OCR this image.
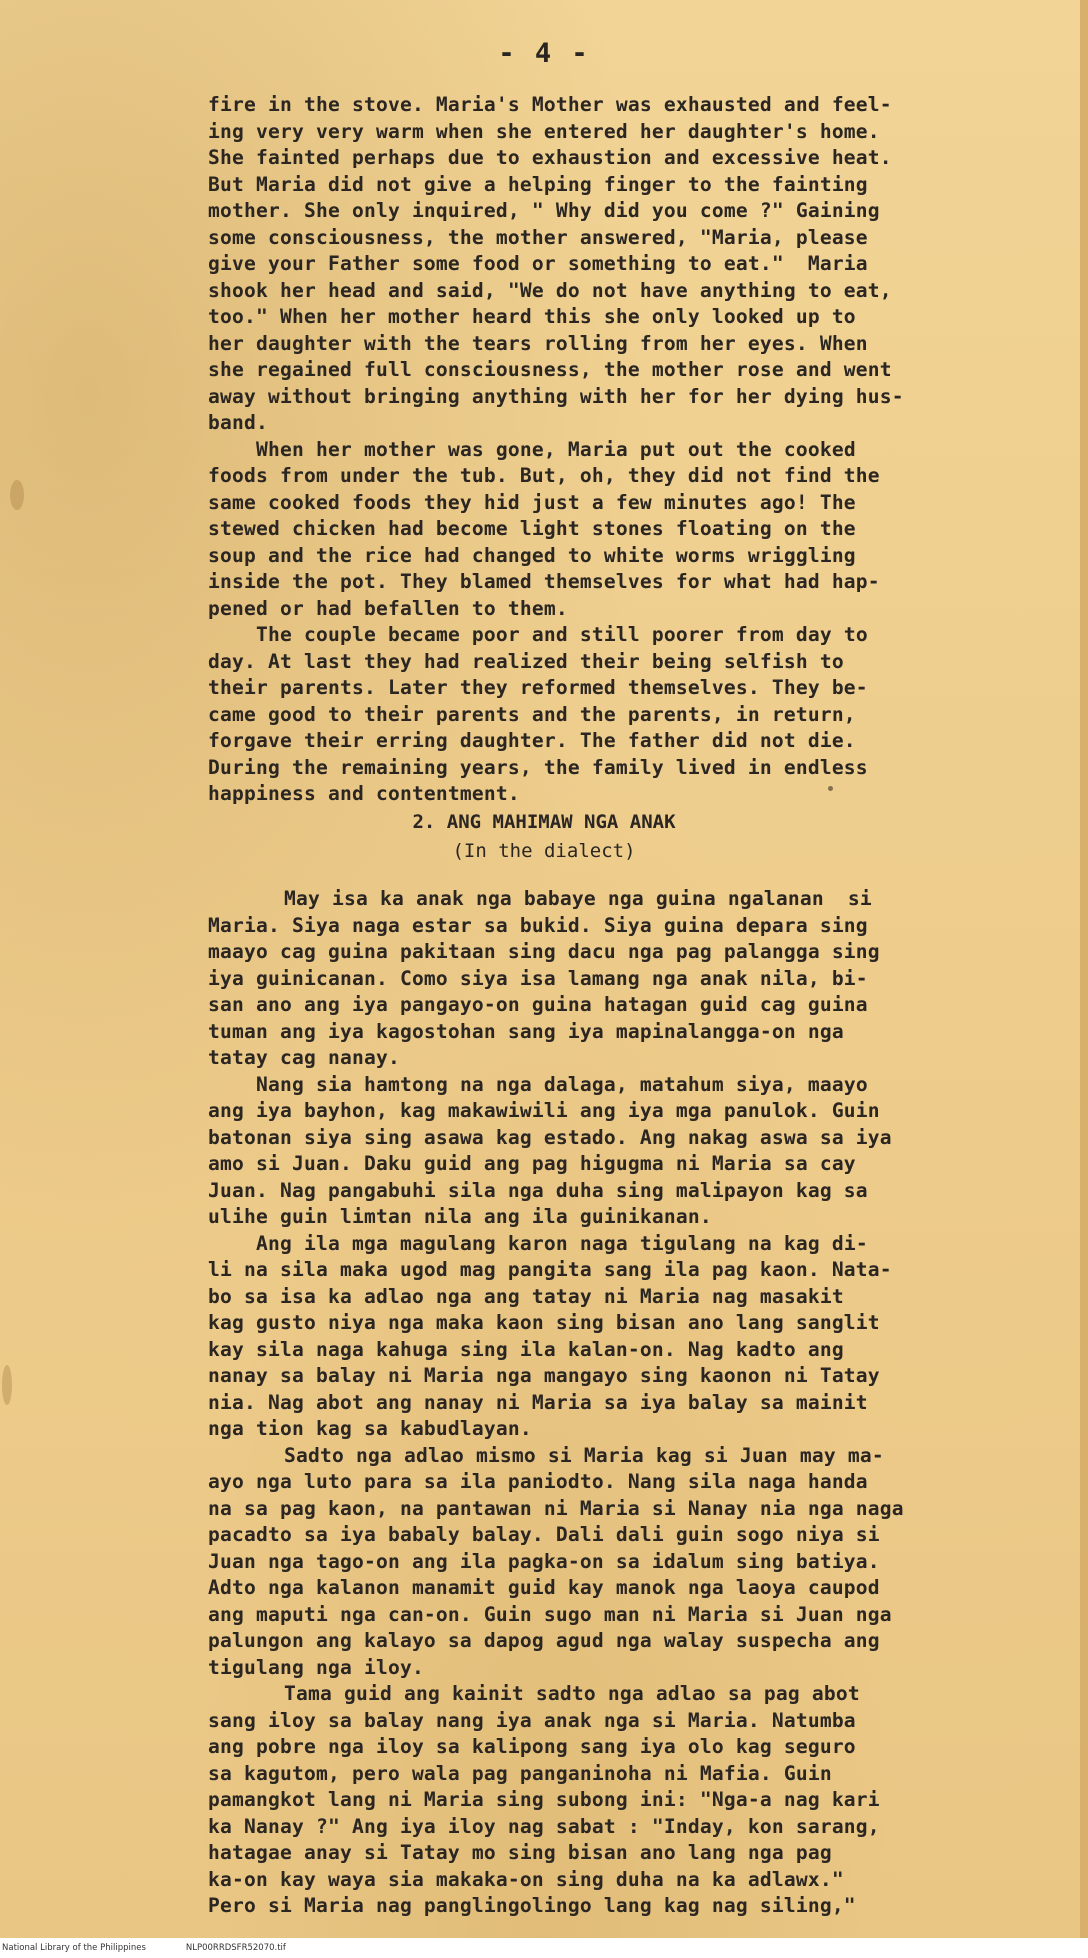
- 4 -

fire in the stove. Maria's Mother was exhausted and feel-
ing very very warm when she entered her daughter's home.
She fainted perhaps due to exhaustion and excessive heat.
But Maria did not give a helping finger to the fainting
mother. She only inquired, " Why did you come ?" Gaining
some consciousness, the mother answered, "Maria, please
give your Father some food or something to eat."  Maria
shook her head and said, "We do not have anything to eat,
too." When her mother heard this she only looked up to
her daughter with the tears rolling from her eyes. When
she regained full consciousness, the mother rose and went
away without bringing anything with her for her dying hus-
band.

When her mother was gone, Maria put out the cooked
foods from under the tub. But, oh, they did not find the
same cooked foods they hid just a few minutes ago! The
stewed chicken had become light stones floating on the
soup and the rice had changed to white worms wriggling
inside the pot. They blamed themselves for what had hap-
pened or had befallen to them.

The couple became poor and still poorer from day to
day. At last they had realized their being selfish to
their parents. Later they reformed themselves. They be-
came good to their parents and the parents, in return,
forgave their erring daughter. The father did not die.
During the remaining years, the family lived in endless
happiness and contentment.

2. ANG MAHIMAW NGA ANAK
(In the dialect)

May isa ka anak nga babaye nga guina ngalanan  si
Maria. Siya naga estar sa bukid. Siya guina depara sing
maayo cag guina pakitaan sing dacu nga pag palangga sing
iya guinicanan. Como siya isa lamang nga anak nila, bi-
san ano ang iya pangayo-on guina hatagan guid cag guina
tuman ang iya kagostohan sang iya mapinalangga-on nga
tatay cag nanay.

Nang sia hamtong na nga dalaga, matahum siya, maayo
ang iya bayhon, kag makawiwili ang iya mga panulok. Guin
batonan siya sing asawa kag estado. Ang nakag aswa sa iya
amo si Juan. Daku guid ang pag higugma ni Maria sa cay
Juan. Nag pangabuhi sila nga duha sing malipayon kag sa
ulihe guin limtan nila ang ila guinikanan.

Ang ila mga magulang karon naga tigulang na kag di-
li na sila maka ugod mag pangita sang ila pag kaon. Nata-
bo sa isa ka adlao nga ang tatay ni Maria nag masakit
kag gusto niya nga maka kaon sing bisan ano lang sanglit
kay sila naga kahuga sing ila kalan-on. Nag kadto ang
nanay sa balay ni Maria nga mangayo sing kaonon ni Tatay
nia. Nag abot ang nanay ni Maria sa iya balay sa mainit
nga tion kag sa kabudlayan.

Sadto nga adlao mismo si Maria kag si Juan may ma-
ayo nga luto para sa ila paniodto. Nang sila naga handa
na sa pag kaon, na pantawan ni Maria si Nanay nia nga naga
pacadto sa iya babaly balay. Dali dali guin sogo niya si
Juan nga tago-on ang ila pagka-on sa idalum sing batiya.
Adto nga kalanon manamit guid kay manok nga laoya caupod
ang maputi nga can-on. Guin sugo man ni Maria si Juan nga
palungon ang kalayo sa dapog agud nga walay suspecha ang
tigulang nga iloy.

Tama guid ang kainit sadto nga adlao sa pag abot
sang iloy sa balay nang iya anak nga si Maria. Natumba
ang pobre nga iloy sa kalipong sang iya olo kag seguro
sa kagutom, pero wala pag panganinoha ni Mafia. Guin
pamangkot lang ni Maria sing subong ini: "Nga-a nag kari
ka Nanay ?" Ang iya iloy nag sabat : "Inday, kon sarang,
hatagae anay si Tatay mo sing bisan ano lang nga pag
ka-on kay waya sia makaka-on sing duha na ka adlawx."
Pero si Maria nag panglingolingo lang kag nag siling,"

National Library of the Philippines	NLP00RRDSFR52070.tif
